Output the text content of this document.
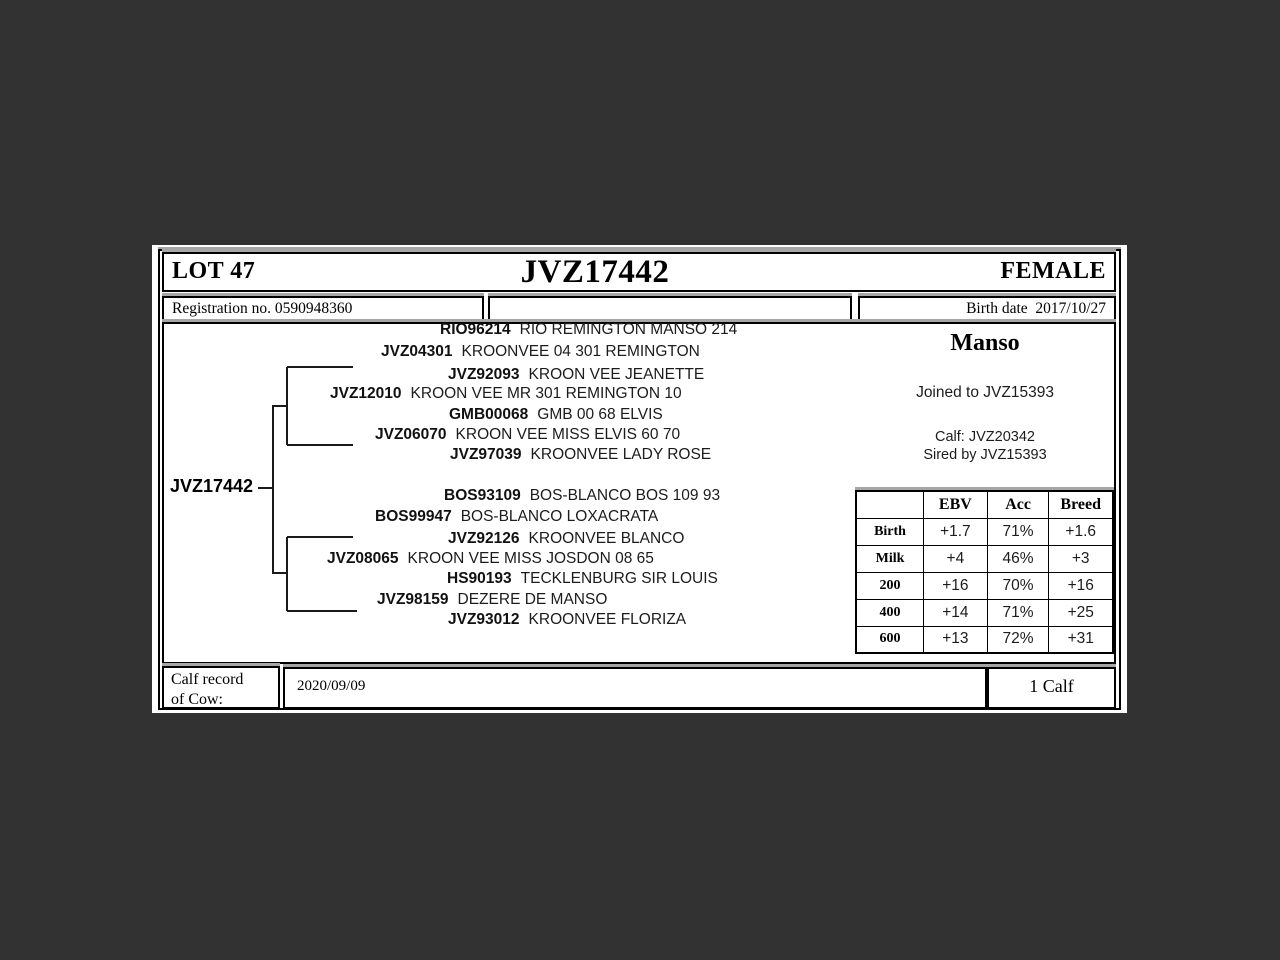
LOT 47	JVZ17442	FEMALE
Registration no. 0590948360	Birth date  2017/10/27
JVZ17442
RIO96214 RIO REMINGTON MANSO 214
JVZ04301 KROONVEE 04 301 REMINGTON
JVZ92093 KROON VEE JEANETTE
JVZ12010 KROON VEE MR 301 REMINGTON 10
GMB00068 GMB 00 68 ELVIS
JVZ06070 KROON VEE MISS ELVIS 60 70
JVZ97039 KROONVEE LADY ROSE
BOS93109 BOS-BLANCO BOS 109 93
BOS99947 BOS-BLANCO LOXACRATA
JVZ92126 KROONVEE BLANCO
JVZ08065 KROON VEE MISS JOSDON 08 65
HS90193 TECKLENBURG SIR LOUIS
JVZ98159 DEZERE DE MANSO
JVZ93012 KROONVEE FLORIZA
Manso
Joined to JVZ15393
Calf: JVZ20342
Sired by JVZ15393
	EBV	Acc	Breed
Birth	+1.7	71%	+1.6
Milk	+4	46%	+3
200	+16	70%	+16
400	+14	71%	+25
600	+13	72%	+31
Calf record
of Cow:
2020/09/09	1 Calf
